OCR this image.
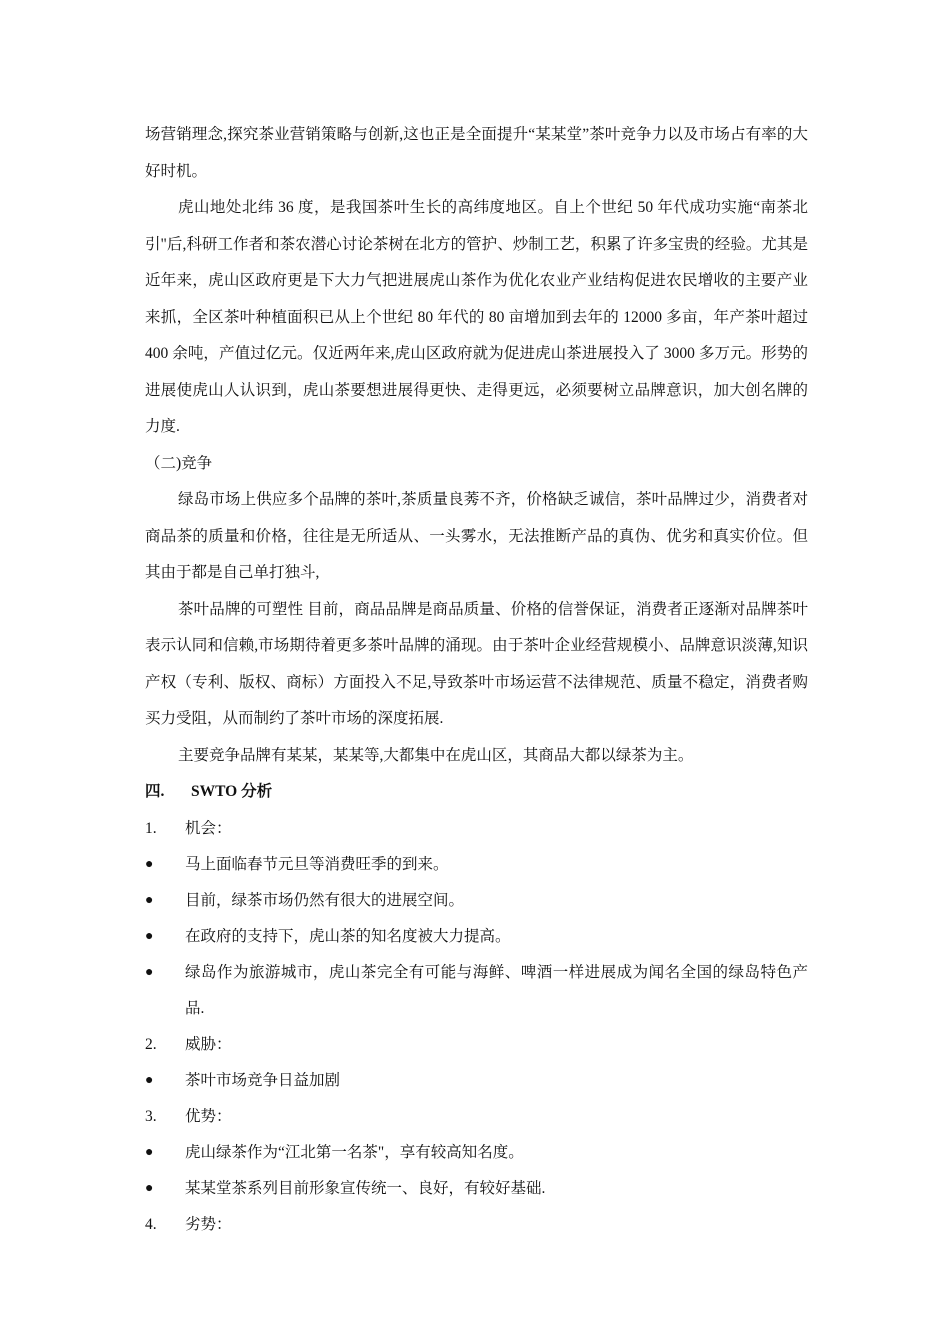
场营销理念,探究茶业营销策略与创新,这也正是全面提升“某某堂”茶叶竞争力以及市场占有率的大好时机。

虎山地处北纬 36 度，是我国茶叶生长的高纬度地区。自上个世纪 50 年代成功实施“南茶北引"后,科研工作者和茶农潜心讨论茶树在北方的管护、炒制工艺，积累了许多宝贵的经验。尤其是近年来，虎山区政府更是下大力气把进展虎山茶作为优化农业产业结构促进农民增收的主要产业来抓，全区茶叶种植面积已从上个世纪 80 年代的 80 亩增加到去年的 12000 多亩，年产茶叶超过 400 余吨，产值过亿元。仅近两年来,虎山区政府就为促进虎山茶进展投入了 3000 多万元。形势的进展使虎山人认识到，虎山茶要想进展得更快、走得更远，必须要树立品牌意识，加大创名牌的力度.

（二)竞争

绿岛市场上供应多个品牌的茶叶,茶质量良莠不齐，价格缺乏诚信，茶叶品牌过少，消费者对商品茶的质量和价格，往往是无所适从、一头雾水，无法推断产品的真伪、优劣和真实价位。但其由于都是自己单打独斗,

茶叶品牌的可塑性 目前，商品品牌是商品质量、价格的信誉保证，消费者正逐渐对品牌茶叶表示认同和信赖,市场期待着更多茶叶品牌的涌现。由于茶叶企业经营规模小、品牌意识淡薄,知识产权（专利、版权、商标）方面投入不足,导致茶叶市场运营不法律规范、质量不稳定，消费者购买力受阻，从而制约了茶叶市场的深度拓展.

主要竞争品牌有某某，某某等,大都集中在虎山区，其商品大都以绿茶为主。

四.	SWTO 分析
1.	机会：
●	马上面临春节元旦等消费旺季的到来。
●	目前，绿茶市场仍然有很大的进展空间。
●	在政府的支持下，虎山茶的知名度被大力提高。
●	绿岛作为旅游城市，虎山茶完全有可能与海鲜、啤酒一样进展成为闻名全国的绿岛特色产品.
2.	威胁：
●	茶叶市场竞争日益加剧
3.	优势：
●	虎山绿茶作为“江北第一名茶"，享有较高知名度。
●	某某堂茶系列目前形象宣传统一、良好，有较好基础.
4.	劣势：
